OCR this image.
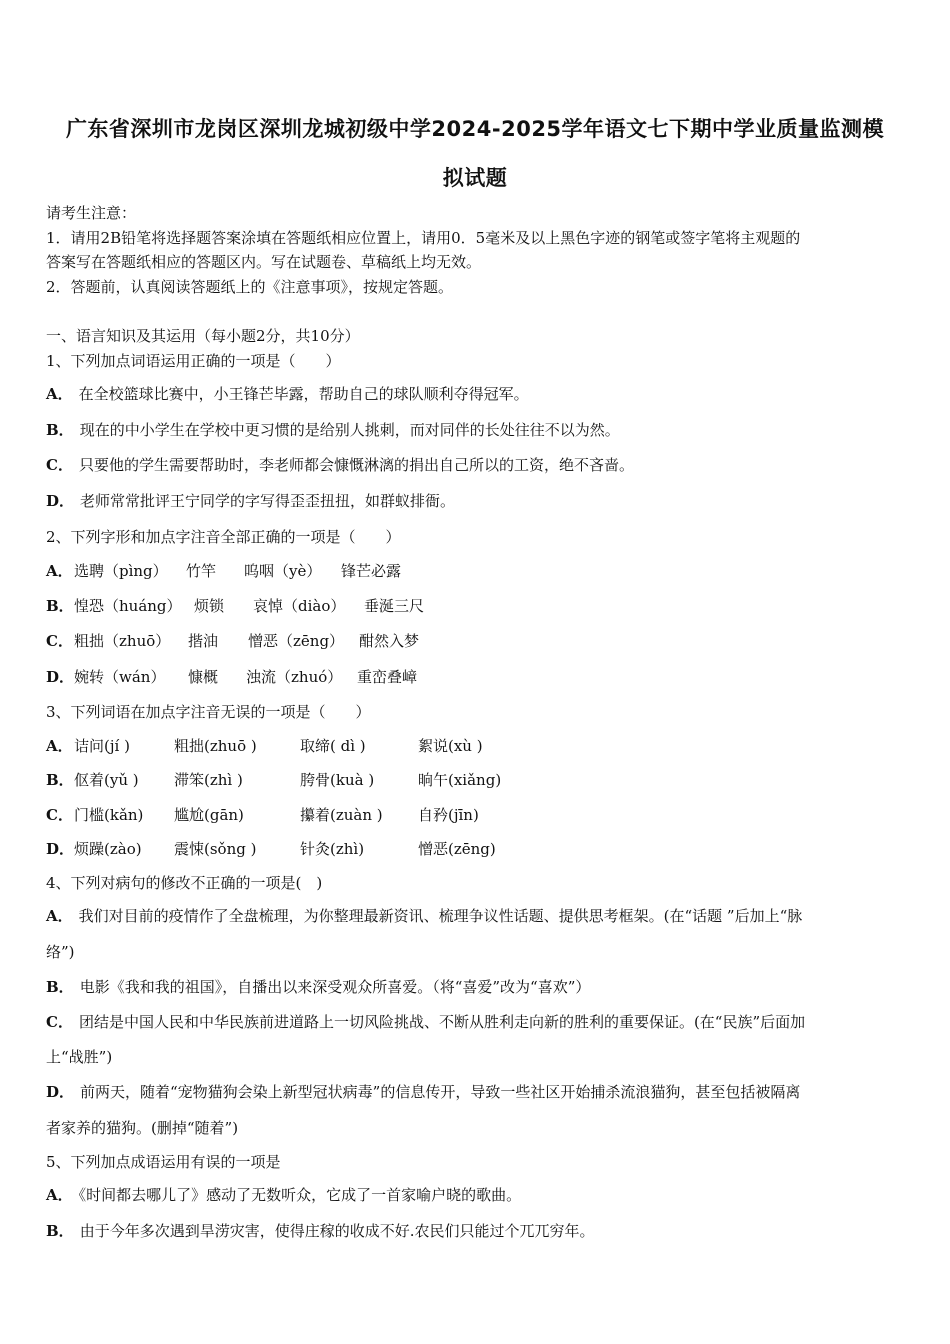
广东省深圳市龙岗区深圳龙城初级中学2024-2025学年语文七下期中学业质量监测模
拟试题
请考生注意：
1．请用2B铅笔将选择题答案涂填在答题纸相应位置上，请用0．5毫米及以上黑色字迹的钢笔或签字笔将主观题的
答案写在答题纸相应的答题区内。写在试题卷、草稿纸上均无效。
2．答题前，认真阅读答题纸上的《注意事项》，按规定答题。
一、语言知识及其运用（每小题2分，共10分）
1、下列加点词语运用正确的一项是（　　）
A． 在全校篮球比赛中，小王锋芒毕露，帮助自己的球队顺利夺得冠军。
B． 现在的中小学生在学校中更习惯的是给别人挑刺，而对同伴的长处往往不以为然。
C． 只要他的学生需要帮助时，李老师都会慷慨淋漓的捐出自己所以的工资，绝不吝啬。
D． 老师常常批评王宁同学的字写得歪歪扭扭，如群蚁排衙。
2、下列字形和加点字注音全部正确的一项是（　　）
A． 选聘（pìng） 竹竿 呜咽（yè） 锋芒必露
B． 惶恐（huáng） 烦锁 哀悼（diào） 垂涎三尺
C． 粗拙（zhuō） 揩油 憎恶（zēng） 酣然入梦
D． 婉转（wán） 慷概 浊流（zhuó） 重峦叠嶂
3、下列词语在加点字注音无误的一项是（　　）
A． 诘问(jí )	粗拙(zhuō )	取缔( dì )	絮说(xù )
B． 伛着(yǔ ) 滞笨(zhì )	胯骨(kuà )	晌午(xiǎng)
C． 门槛(kǎn) 尴尬(gān)	攥着(zuàn ) 自矜(jīn)
D． 烦躁(zào) 震悚(sǒng )	针灸(zhì)	憎恶(zēng)
4、下列对病句的修改不正确的一项是(　)
A． 我们对目前的疫情作了全盘梳理，为你整理最新资讯、梳理争议性话题、提供思考框架。(在“话题 ”后加上“脉
络”)
B． 电影《我和我的祖国》，自播出以来深受观众所喜爱。（将“喜爱”改为“喜欢”）
C． 团结是中国人民和中华民族前进道路上一切风险挑战、不断从胜利走向新的胜利的重要保证。(在“民族”后面加
上“战胜”)
D． 前两天，随着“宠物猫狗会染上新型冠状病毒”的信息传开，导致一些社区开始捕杀流浪猫狗，甚至包括被隔离
者家养的猫狗。(删掉“随着”)
5、下列加点成语运用有误的一项是
A． 《时间都去哪儿了》感动了无数听众，它成了一首家喻户晓的歌曲。
B． 由于今年多次遇到旱涝灾害，使得庄稼的收成不好.农民们只能过个兀兀穷年。
